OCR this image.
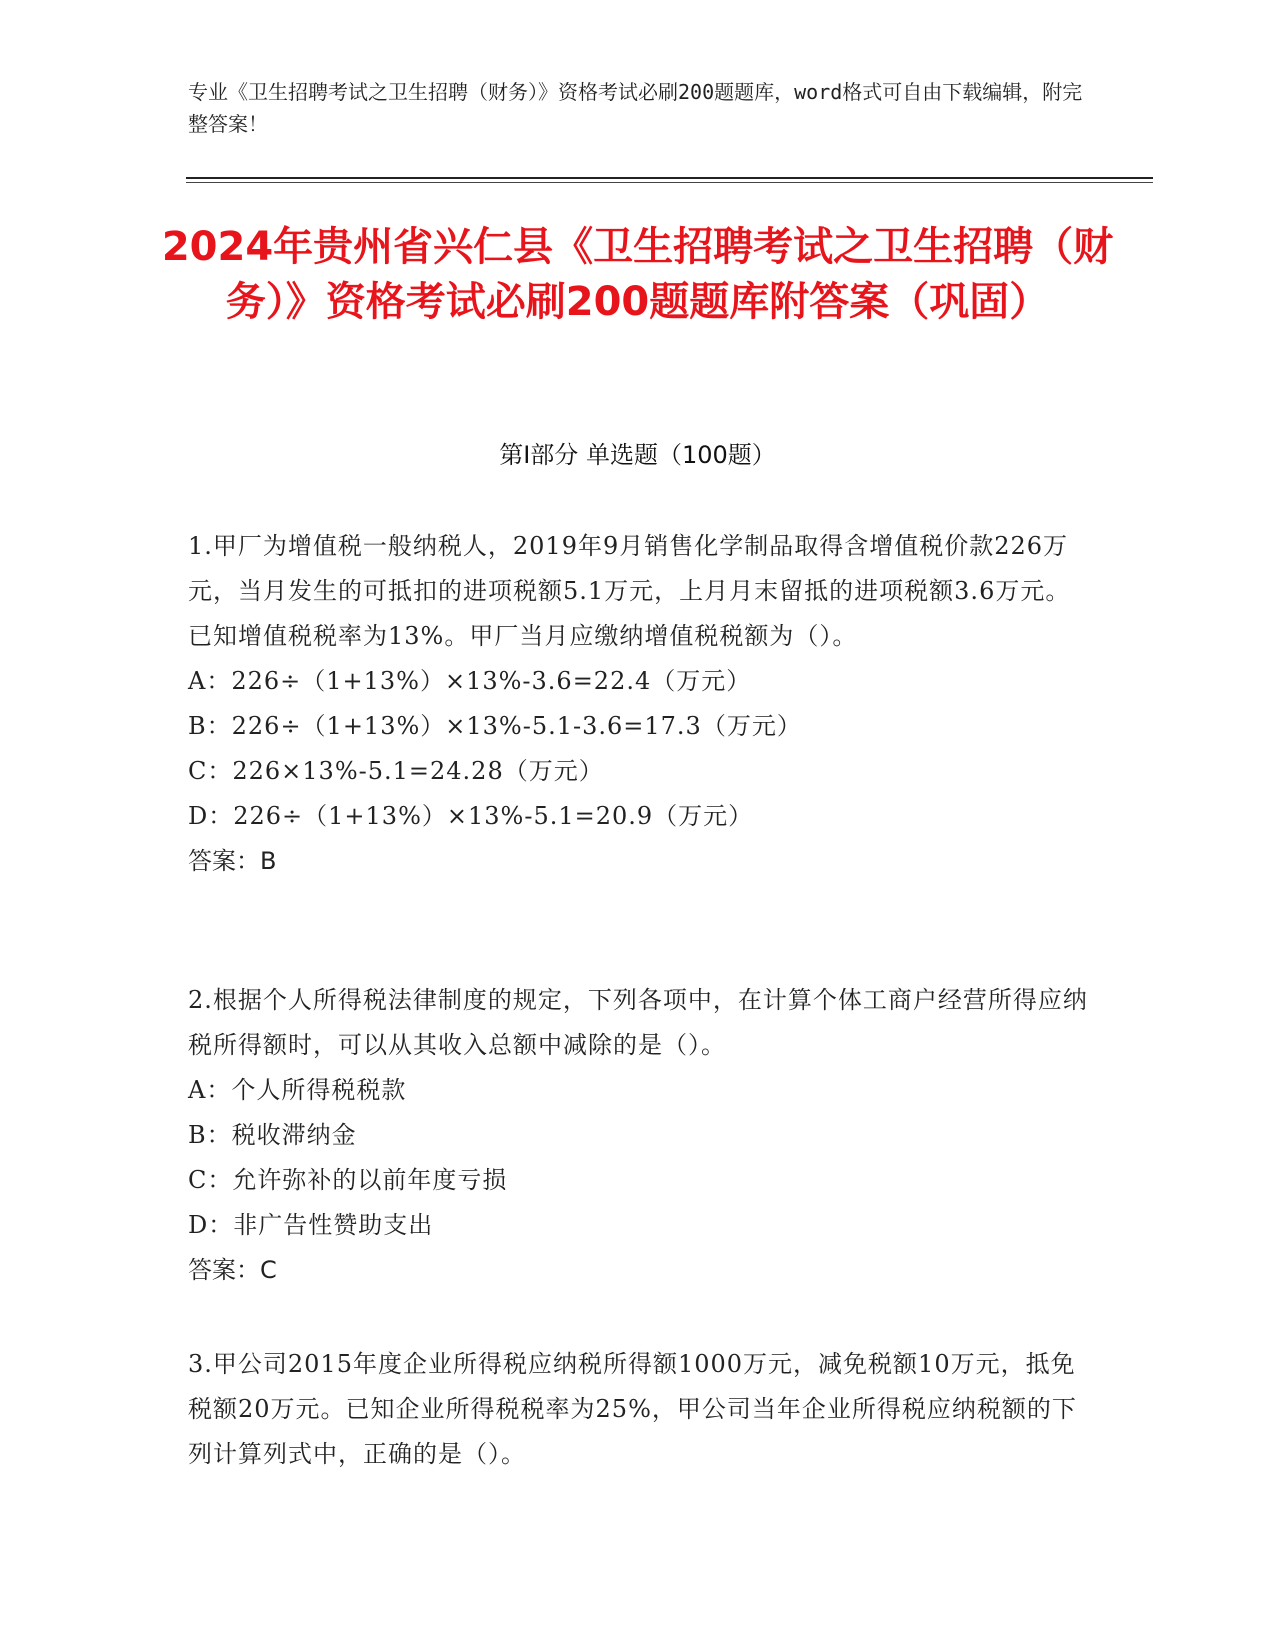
专业《卫生招聘考试之卫生招聘（财务）》资格考试必刷200题题库，word格式可自由下载编辑，附完整答案！
2024年贵州省兴仁县《卫生招聘考试之卫生招聘（财务）》资格考试必刷200题题库附答案（巩固）
第Ⅰ部分 单选题（100题）

1.甲厂为增值税一般纳税人，2019年9月销售化学制品取得含增值税价款226万元，当月发生的可抵扣的进项税额5.1万元，上月月末留抵的进项税额3.6万元。已知增值税税率为13%。甲厂当月应缴纳增值税税额为（）。

A：226÷（1+13%）×13%-3.6=22.4（万元）

B：226÷（1+13%）×13%-5.1-3.6=17.3（万元）

C：226×13%-5.1=24.28（万元）

D：226÷（1+13%）×13%-5.1=20.9（万元）

答案：B

2.根据个人所得税法律制度的规定，下列各项中，在计算个体工商户经营所得应纳税所得额时，可以从其收入总额中减除的是（）。

A：个人所得税税款

B：税收滞纳金

C：允许弥补的以前年度亏损

D：非广告性赞助支出

答案：C

3.甲公司2015年度企业所得税应纳税所得额1000万元，减免税额10万元，抵免税额20万元。已知企业所得税税率为25%，甲公司当年企业所得税应纳税额的下列计算列式中，正确的是（）。
